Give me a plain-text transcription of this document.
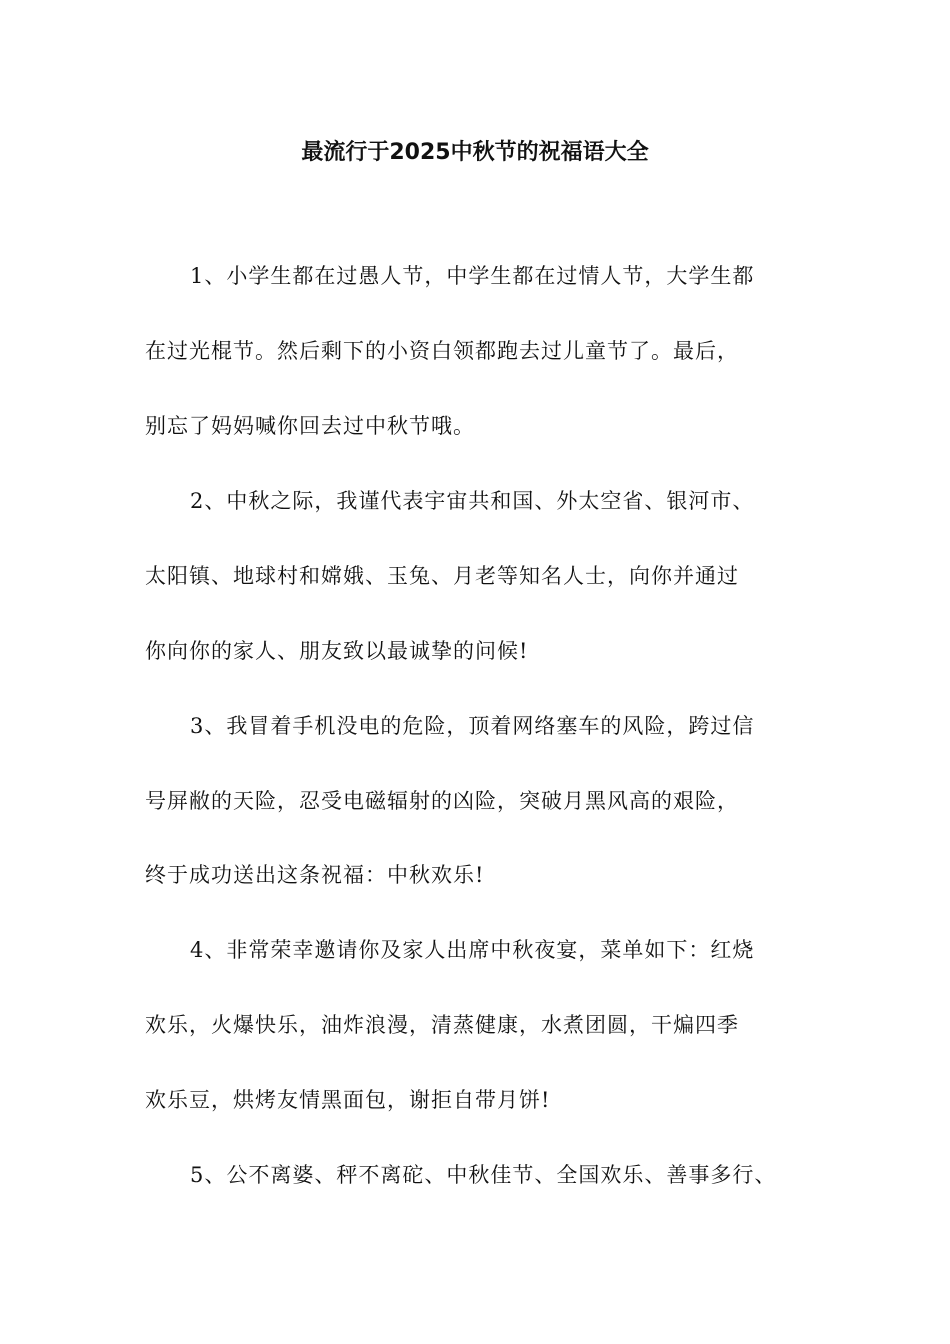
最流行于2025中秋节的祝福语大全
1、小学生都在过愚人节，中学生都在过情人节，大学生都
在过光棍节。然后剩下的小资白领都跑去过儿童节了。最后，
别忘了妈妈喊你回去过中秋节哦。
2、中秋之际，我谨代表宇宙共和国、外太空省、银河市、
太阳镇、地球村和嫦娥、玉兔、月老等知名人士，向你并通过
你向你的家人、朋友致以最诚挚的问候!
3、我冒着手机没电的危险，顶着网络塞车的风险，跨过信
号屏敝的天险，忍受电磁辐射的凶险，突破月黑风高的艰险，
终于成功送出这条祝福：中秋欢乐!
4、非常荣幸邀请你及家人出席中秋夜宴，菜单如下：红烧
欢乐，火爆快乐，油炸浪漫，清蒸健康，水煮团圆，干煸四季
欢乐豆，烘烤友情黑面包，谢拒自带月饼!
5、公不离婆、秤不离砣、中秋佳节、全国欢乐、善事多行、
